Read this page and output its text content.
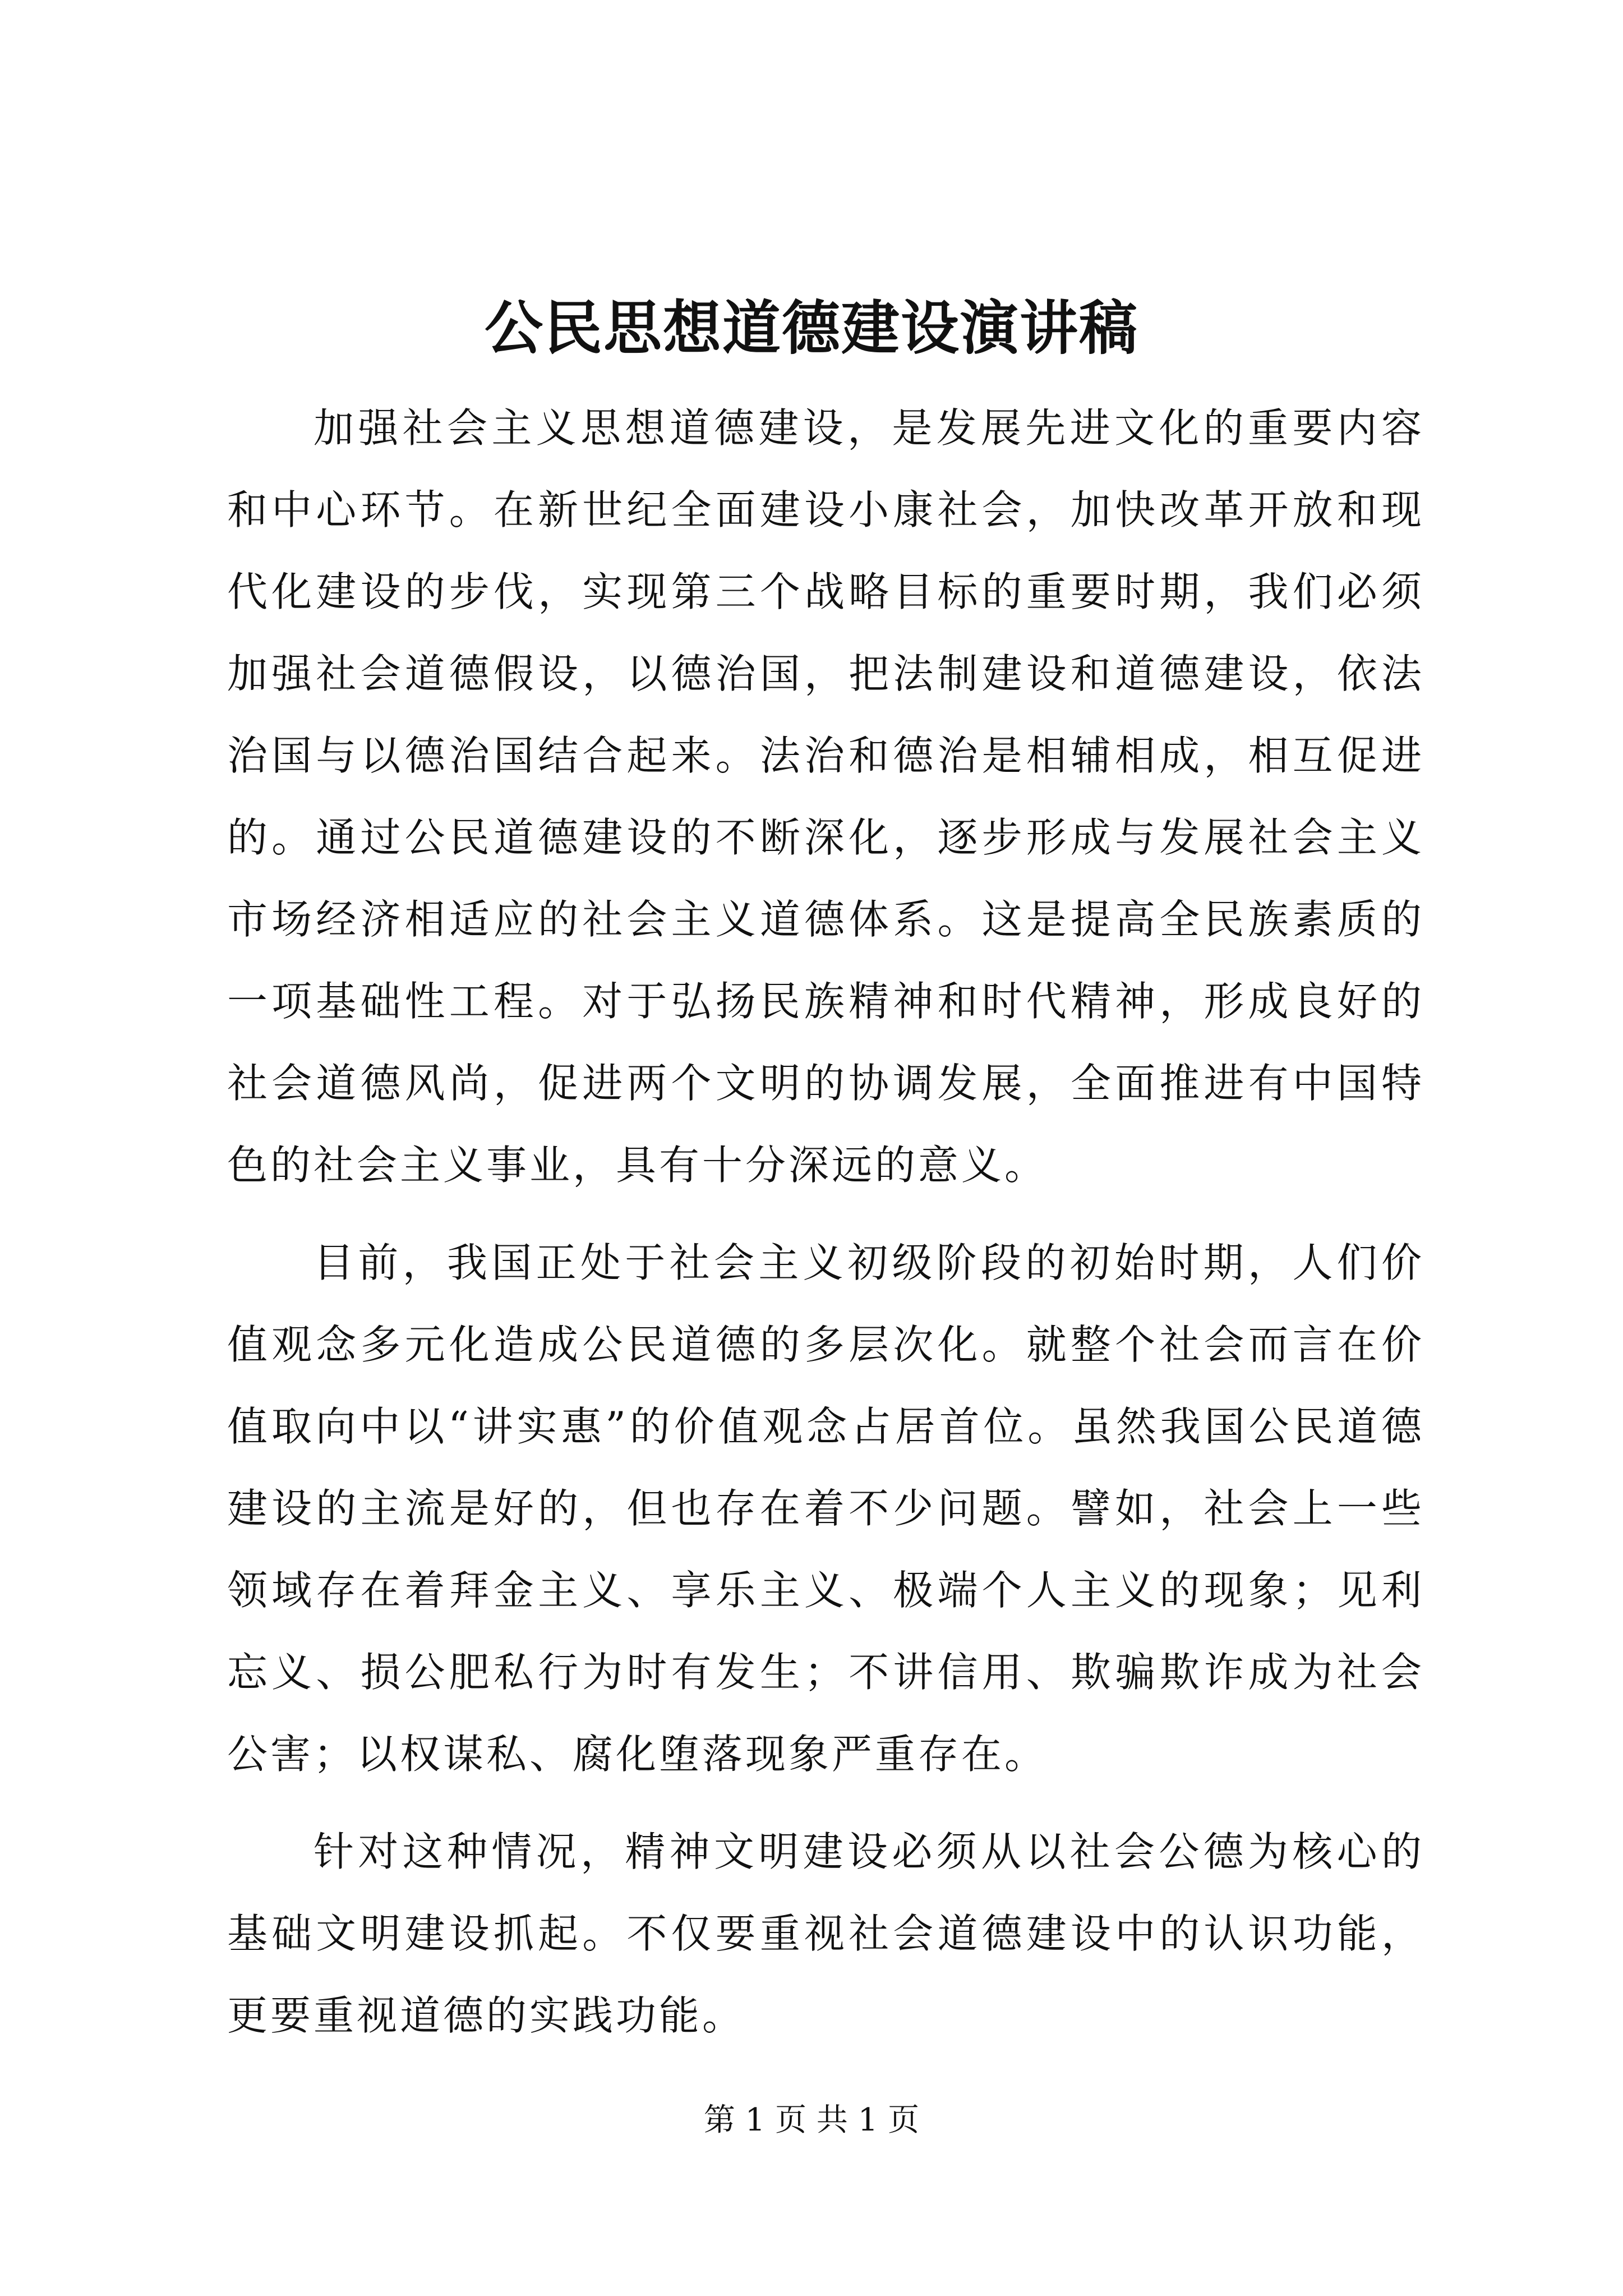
公民思想道德建设演讲稿

加强社会主义思想道德建设，是发展先进文化的重要内容和中心环节。在新世纪全面建设小康社会，加快改革开放和现代化建设的步伐，实现第三个战略目标的重要时期，我们必须加强社会道德假设，以德治国，把法制建设和道德建设，依法治国与以德治国结合起来。法治和德治是相辅相成，相互促进的。通过公民道德建设的不断深化，逐步形成与发展社会主义市场经济相适应的社会主义道德体系。这是提高全民族素质的一项基础性工程。对于弘扬民族精神和时代精神，形成良好的社会道德风尚，促进两个文明的协调发展，全面推进有中国特色的社会主义事业，具有十分深远的意义。

目前，我国正处于社会主义初级阶段的初始时期，人们价值观念多元化造成公民道德的多层次化。就整个社会而言在价值取向中以“讲实惠”的价值观念占居首位。虽然我国公民道德建设的主流是好的，但也存在着不少问题。譬如，社会上一些领域存在着拜金主义、享乐主义、极端个人主义的现象；见利忘义、损公肥私行为时有发生；不讲信用、欺骗欺诈成为社会公害；以权谋私、腐化堕落现象严重存在。

针对这种情况，精神文明建设必须从以社会公德为核心的基础文明建设抓起。不仅要重视社会道德建设中的认识功能，更要重视道德的实践功能。

第 1 页 共 1 页
